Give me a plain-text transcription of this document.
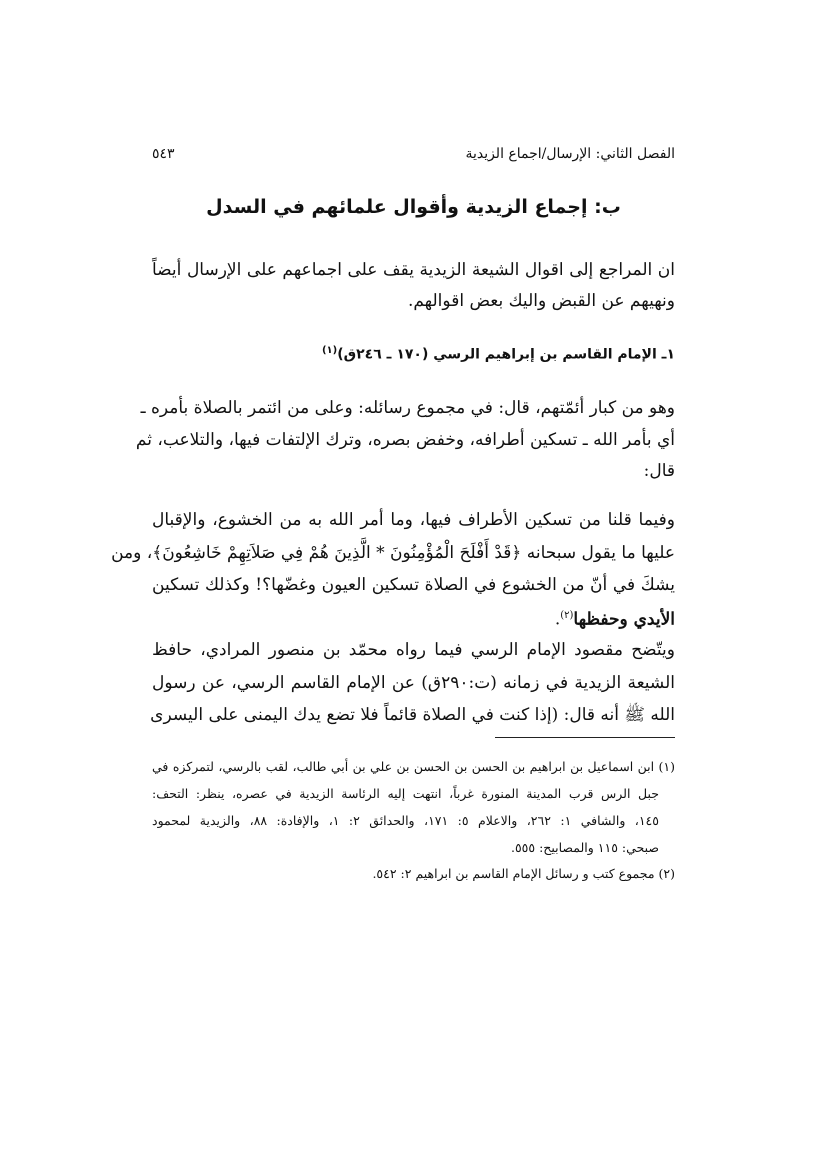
الفصل الثاني: الإرسال/اجماع الزيدية
٥٤٣
ب: إجماع الزيدية وأقوال علمائهم في السدل
ان المراجع إلى اقوال الشيعة الزيدية يقف على اجماعهم على الإرسال أيضاً
ونهيهم عن القبض واليك بعض اقوالهم.
١ـ الإمام القاسم بن إبراهيم الرسي (١٧٠ ـ ٢٤٦ق)$^{(١)}$
وهو من كبار أئمّتهم، قال: في مجموع رسائله: وعلى من ائتمر بالصلاة بأمره ـ
أي بأمر الله ـ تسكين أطرافه، وخفض بصره، وترك الإلتفات فيها، والتلاعب، ثم
قال:
وفيما قلنا من تسكين الأطراف فيها، وما أمر الله به من الخشوع، والإقبال
عليها ما يقول سبحانه ﴿قَدْ أَفْلَحَ الْمُؤْمِنُونَ * الَّذِينَ هُمْ فِي صَلاَتِهِمْ خَاشِعُونَ﴾، ومن
يشكَ في أنّ من الخشوع في الصلاة تسكين العيون وغضّها؟! وكذلك تسكين
الأيدي وحفظها$^{(٢)}$.
ويتّضح مقصود الإمام الرسي فيما رواه محمّد بن منصور المرادي، حافظ
الشيعة الزيدية في زمانه (ت:٢٩٠ق) عن الإمام القاسم الرسي، عن رسول
الله ﷺ أنه قال: (إذا كنت في الصلاة قائماً فلا تضع يدك اليمنى على اليسرى
(١) ابن اسماعيل بن ابراهيم بن الحسن بن الحسن بن علي بن أبي طالب، لقب بالرسي، لتمركزه في
جبل الرس قرب المدينة المنورة غرباً، انتهت إليه الرئاسة الزيدية في عصره، ينظر: التحف:
١٤٥، والشافي ١: ٢٦٢، والاعلام ٥: ١٧١، والحدائق ٢: ١، والإفادة: ٨٨، والزيدية لمحمود
صبحي: ١١٥ والمصابيح: ٥٥٥.
(٢) مجموع كتب و رسائل الإمام القاسم بن ابراهيم ٢: ٥٤٢.
